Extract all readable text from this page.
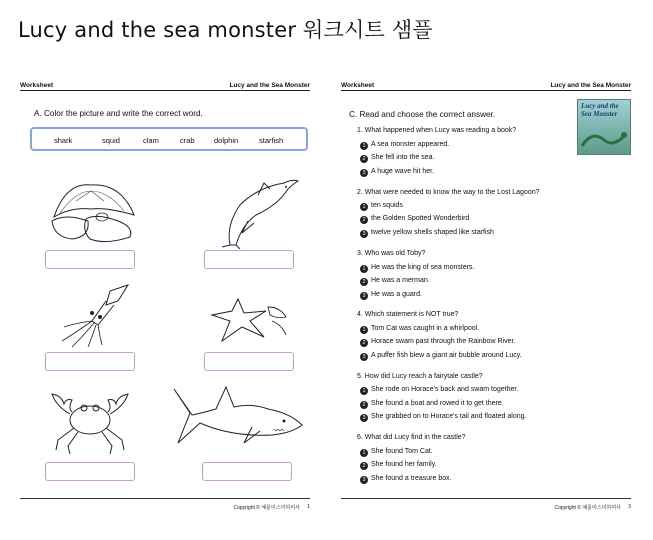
Lucy and the sea monster 워크시트 샘플
Worksheet	Lucy and the Sea Monster
A. Color the picture and write the correct word.
shark	squid	clam	crab	dolphin	starfish
Copyright © 예를미스미하미사 1
Worksheet	Lucy and the Sea Monster
C. Read and choose the correct answer.
Lucy and the Sea Monster
1. What happened when Lucy was reading a book?
1 A sea monster appeared.
2 She fell into the sea.
3 A huge wave hit her.
2. What were needed to know the way to the Lost Lagoon?
1 ten squids
2 the Golden Spotted Wonderbird
3 twelve yellow shells shaped like starfish
3. Who was old Toby?
1 He was the king of sea monsters.
2 He was a merman.
3 He was a guard.
4. Which statement is NOT true?
1 Tom Cat was caught in a whirlpool.
2 Horace swam past through the Rainbow River.
3 A puffer fish blew a giant air bubble around Lucy.
5. How did Lucy reach a fairytale castle?
1 She rode on Horace's back and swam together.
2 She found a boat and rowed it to get there.
3 She grabbed on to Horace's tail and floated along.
6. What did Lucy find in the castle?
1 She found Tom Cat.
2 She found her family.
3 She found a treasure box.
Copyright © 예를미스미하미사 3
